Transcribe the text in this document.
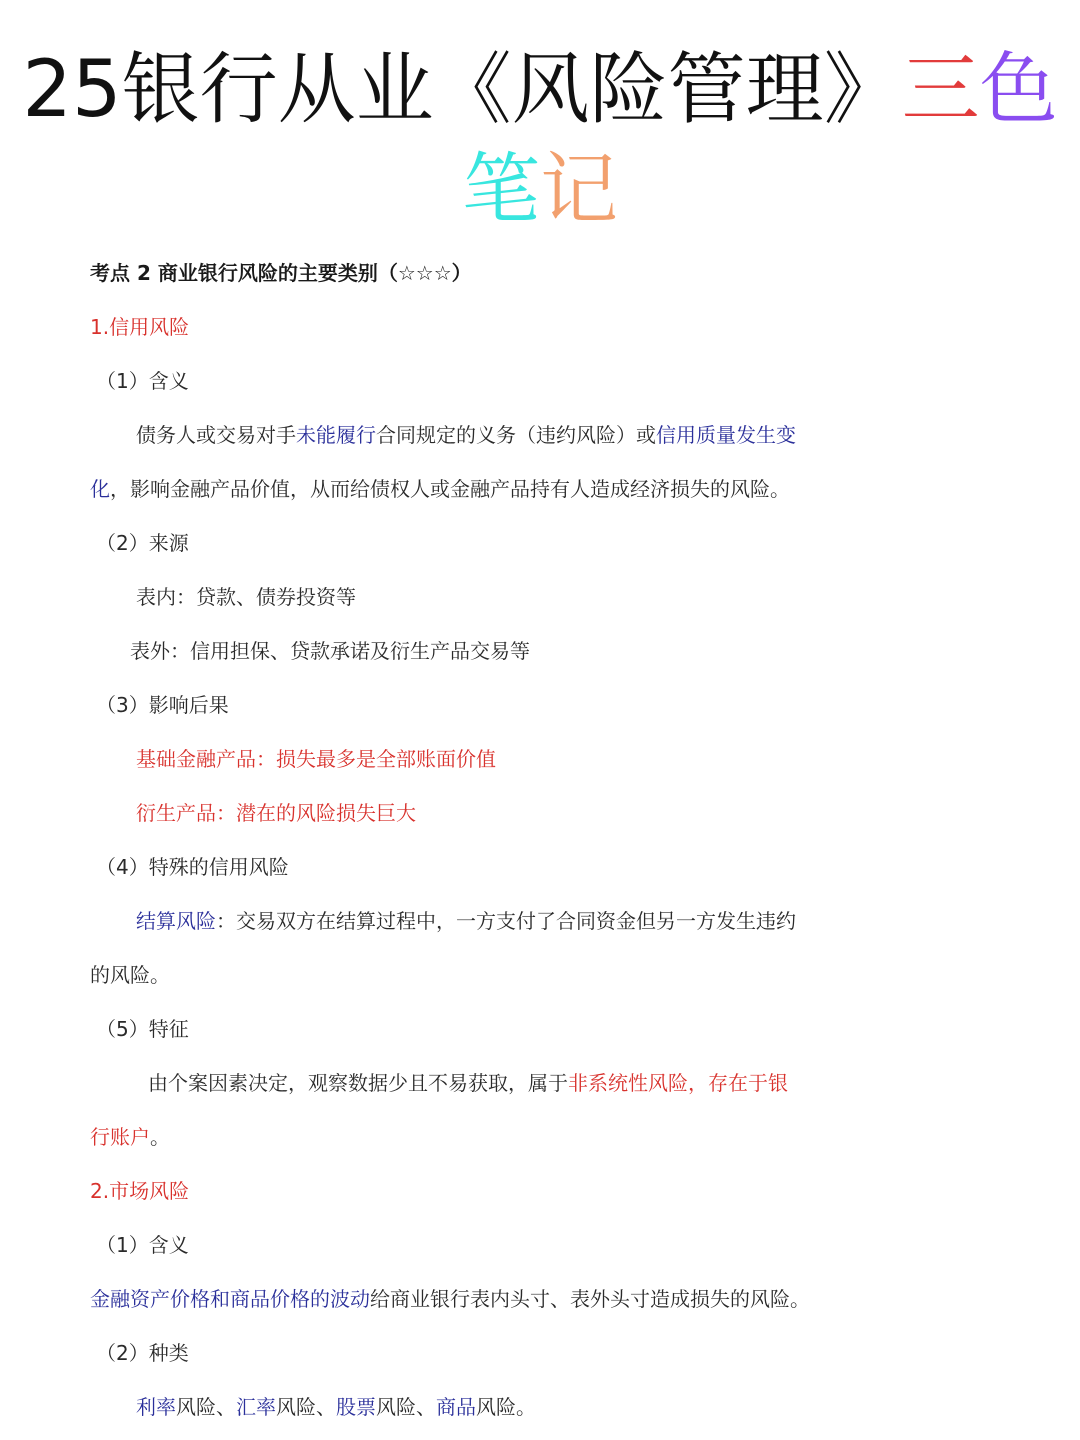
25银行从业《风险管理》三色
笔记
考点 2 商业银行风险的主要类别（☆☆☆）
1.信用风险
（1）含义
债务人或交易对手未能履行合同规定的义务（违约风险）或信用质量发生变
化，影响金融产品价值，从而给债权人或金融产品持有人造成经济损失的风险。
（2）来源
表内：贷款、债券投资等
表外：信用担保、贷款承诺及衍生产品交易等
（3）影响后果
基础金融产品：损失最多是全部账面价值
衍生产品：潜在的风险损失巨大
（4）特殊的信用风险
结算风险：交易双方在结算过程中，一方支付了合同资金但另一方发生违约
的风险。
（5）特征
由个案因素决定，观察数据少且不易获取，属于非系统性风险，存在于银
行账户。
2.市场风险
（1）含义
金融资产价格和商品价格的波动给商业银行表内头寸、表外头寸造成损失的风险。
（2）种类
利率风险、汇率风险、股票风险、商品风险。
